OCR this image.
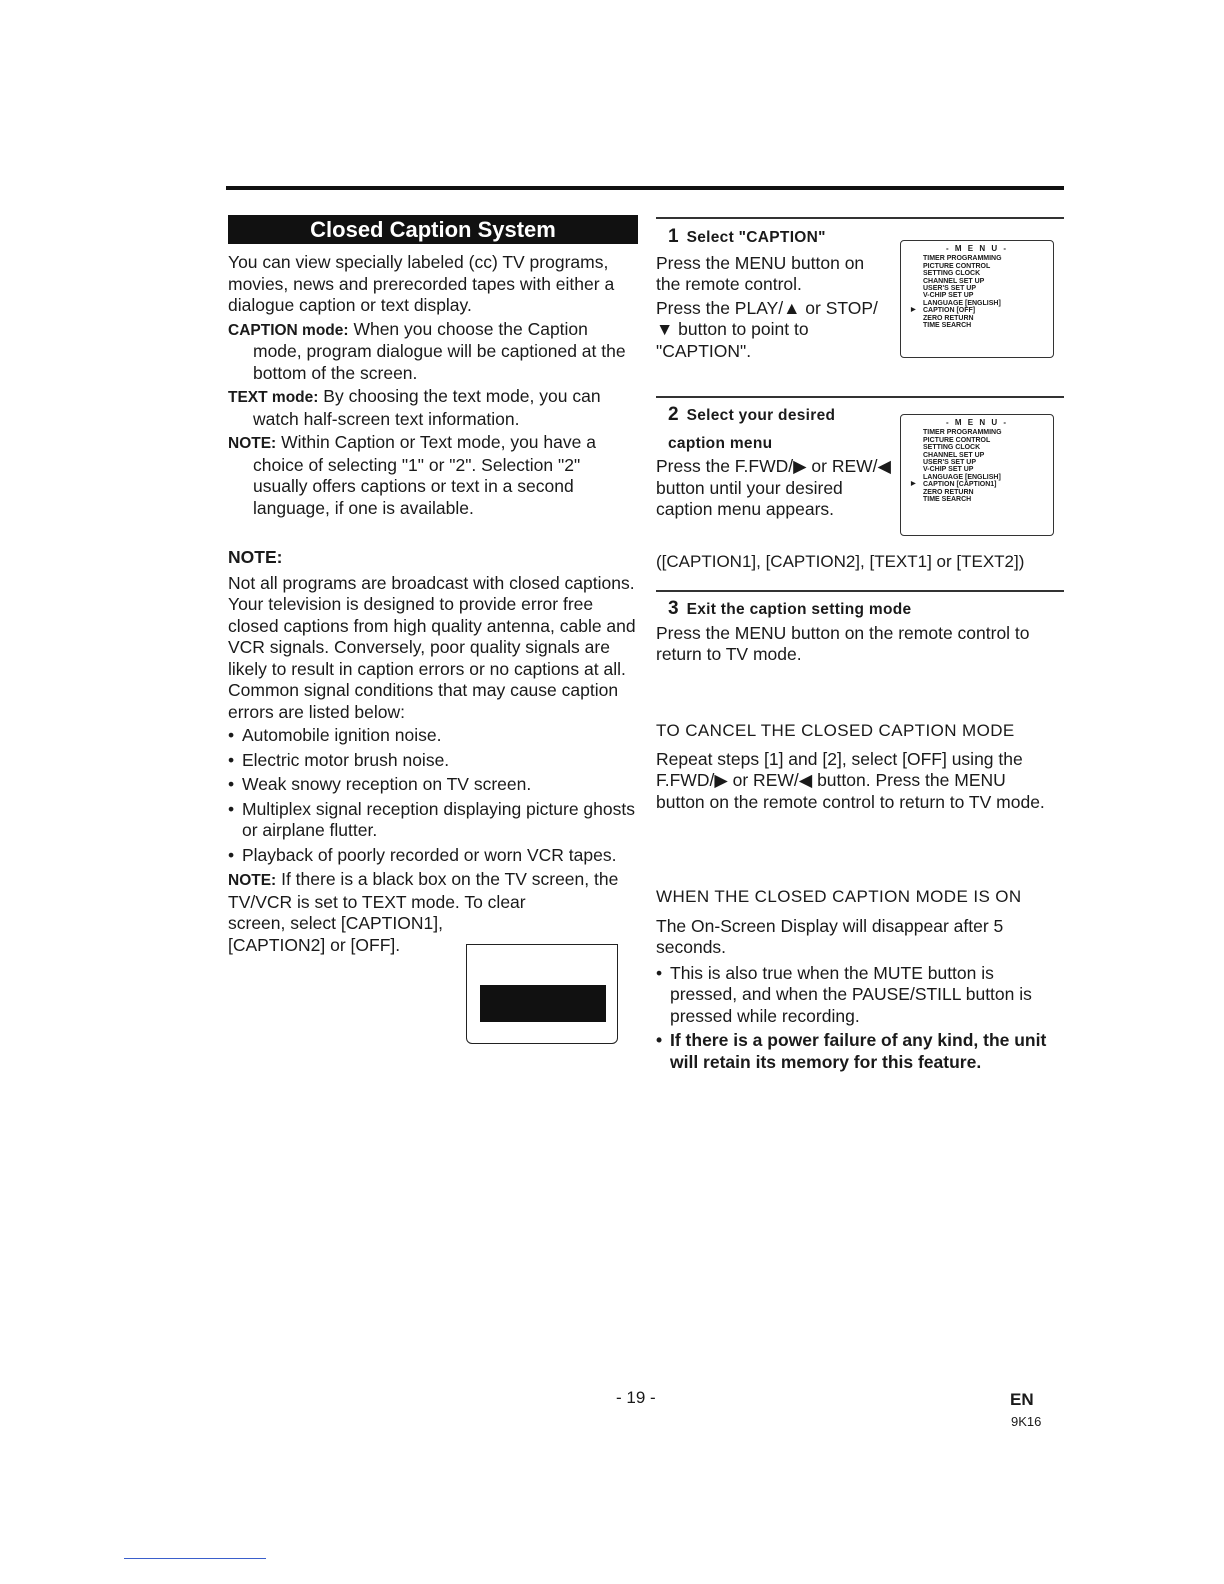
Closed Caption System

You can view specially labeled (cc) TV programs, movies, news and prerecorded tapes with either a dialogue caption or text display.

CAPTION mode: When you choose the Caption mode, program dialogue will be captioned at the bottom of the screen.

TEXT mode: By choosing the text mode, you can watch half-screen text information.

NOTE: Within Caption or Text mode, you have a choice of selecting "1" or "2". Selection "2" usually offers captions or text in a second language, if one is available.

NOTE:

Not all programs are broadcast with closed captions. Your television is designed to provide error free closed captions from high quality antenna, cable and VCR signals. Conversely, poor quality signals are likely to result in caption errors or no captions at all. Common signal conditions that may cause caption errors are listed below:

• Automobile ignition noise.
• Electric motor brush noise.
• Weak snowy reception on TV screen.
• Multiplex signal reception displaying picture ghosts or airplane flutter.
• Playback of poorly recorded or worn VCR tapes.

NOTE: If there is a black box on the TV screen, the TV/VCR is set to TEXT mode. To clear

screen, select [CAPTION1], [CAPTION2] or [OFF].

1 Select "CAPTION"

Press the MENU button on the remote control.

Press the PLAY/▲ or STOP/▼ button to point to "CAPTION".

- M E N U -
TIMER PROGRAMMING
PICTURE CONTROL
SETTING CLOCK
CHANNEL SET UP
USER'S SET UP
V-CHIP SET UP
LANGUAGE [ENGLISH]
▶ CAPTION [OFF]
ZERO RETURN
TIME SEARCH
2 Select your desired
caption menu

Press the F.FWD/▶ or REW/◀ button until your desired caption menu appears.

([CAPTION1], [CAPTION2], [TEXT1] or [TEXT2])
- M E N U -
TIMER PROGRAMMING
PICTURE CONTROL
SETTING CLOCK
CHANNEL SET UP
USER'S SET UP
V-CHIP SET UP
LANGUAGE [ENGLISH]
▶ CAPTION [CAPTION1]
ZERO RETURN
TIME SEARCH
3 Exit the caption setting mode

Press the MENU button on the remote control to return to TV mode.

TO CANCEL THE CLOSED CAPTION MODE

Repeat steps [1] and [2], select [OFF] using the F.FWD/▶ or REW/◀ button. Press the MENU button on the remote control to return to TV mode.

WHEN THE CLOSED CAPTION MODE IS ON

The On-Screen Display will disappear after 5 seconds.

• This is also true when the MUTE button is pressed, and when the PAUSE/STILL button is pressed while recording.
• If there is a power failure of any kind, the unit will retain its memory for this feature.
- 19 -	EN
9K16
